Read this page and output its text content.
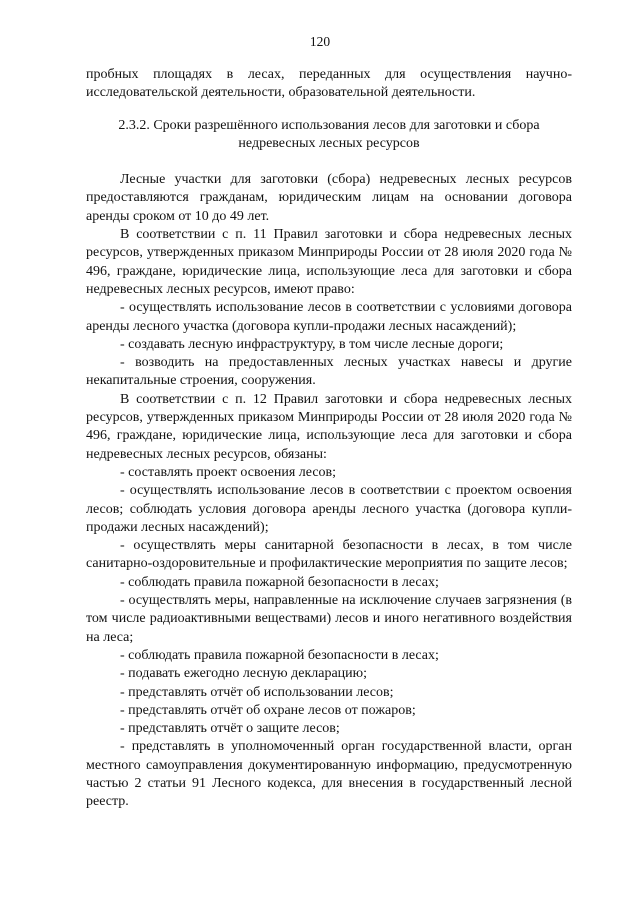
120

пробных площадях в лесах, переданных для осуществления научно-исследовательской деятельности, образовательной деятельности.

2.3.2. Сроки разрешённого использования лесов для заготовки и сбора
недревесных лесных ресурсов

Лесные участки для заготовки (сбора) недревесных лесных ресурсов предоставляются гражданам, юридическим лицам на основании договора аренды сроком от 10 до 49 лет.

В соответствии с п. 11 Правил заготовки и сбора недревесных лесных ресурсов, утвержденных приказом Минприроды России от 28 июля 2020 года № 496, граждане, юридические лица, использующие леса для заготовки и сбора недревесных лесных ресурсов, имеют право:

- осуществлять использование лесов в соответствии с условиями договора аренды лесного участка (договора купли-продажи лесных насаждений);

- создавать лесную инфраструктуру, в том числе лесные дороги;

- возводить на предоставленных лесных участках навесы и другие некапитальные строения, сооружения.

В соответствии с п. 12 Правил заготовки и сбора недревесных лесных ресурсов, утвержденных приказом Минприроды России от 28 июля 2020 года № 496, граждане, юридические лица, использующие леса для заготовки и сбора недревесных лесных ресурсов, обязаны:

- составлять проект освоения лесов;

- осуществлять использование лесов в соответствии с проектом освоения лесов; соблюдать условия договора аренды лесного участка (договора купли-продажи лесных насаждений);

- осуществлять меры санитарной безопасности в лесах, в том числе санитарно-оздоровительные и профилактические мероприятия по защите лесов;

- соблюдать правила пожарной безопасности в лесах;

- осуществлять меры, направленные на исключение случаев загрязнения (в том числе радиоактивными веществами) лесов и иного негативного воздействия на леса;

- соблюдать правила пожарной безопасности в лесах;

- подавать ежегодно лесную декларацию;

- представлять отчёт об использовании лесов;

- представлять отчёт об охране лесов от пожаров;

- представлять отчёт о защите лесов;

- представлять в уполномоченный орган государственной власти, орган местного самоуправления документированную информацию, предусмотренную частью 2 статьи 91 Лесного кодекса, для внесения в государственный лесной реестр.
